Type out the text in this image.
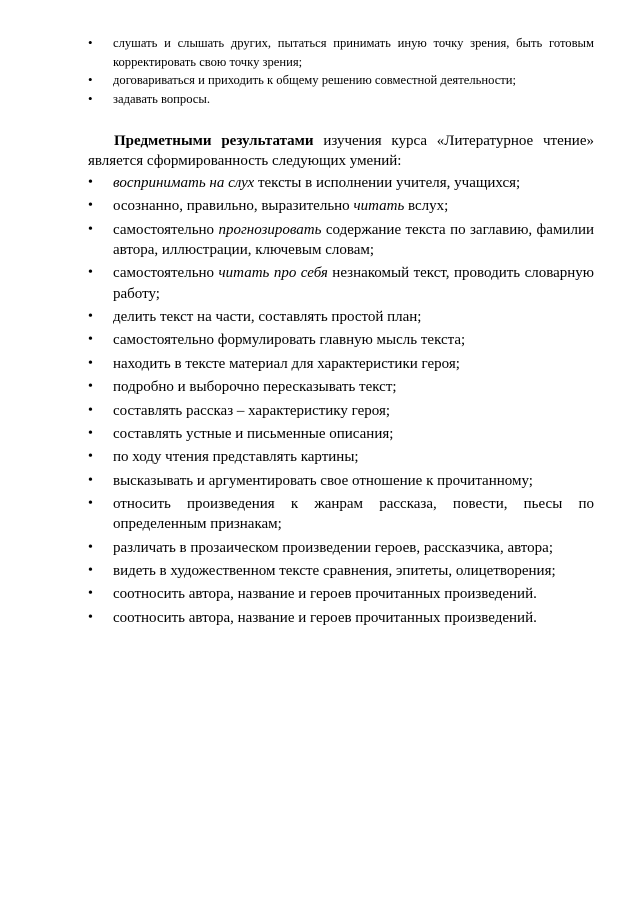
• слушать и слышать других, пытаться принимать иную точку зрения, быть готовым корректировать свою точку зрения;
• договариваться и приходить к общему решению совместной деятельности;
• задавать вопросы.
Предметными результатами изучения курса «Литературное чтение» является сформированность следующих умений:
• воспринимать на слух тексты в исполнении учителя, учащихся;
• осознанно, правильно, выразительно читать вслух;
• самостоятельно прогнозировать содержание текста по заглавию, фамилии автора, иллюстрации, ключевым словам;
• самостоятельно читать про себя незнакомый текст, проводить словарную работу;
• делить текст на части, составлять простой план;
• самостоятельно формулировать главную мысль текста;
• находить в тексте материал для характеристики героя;
• подробно и выборочно пересказывать текст;
• составлять рассказ – характеристику героя;
• составлять устные и письменные описания;
• по ходу чтения представлять картины;
• высказывать и аргументировать свое отношение к прочитанному;
• относить произведения к жанрам рассказа, повести, пьесы по определенным признакам;
• различать в прозаическом произведении героев, рассказчика, автора;
• видеть в художественном тексте сравнения, эпитеты, олицетворения;
• соотносить автора, название и героев прочитанных произведений.
• соотносить автора, название и героев прочитанных произведений.
